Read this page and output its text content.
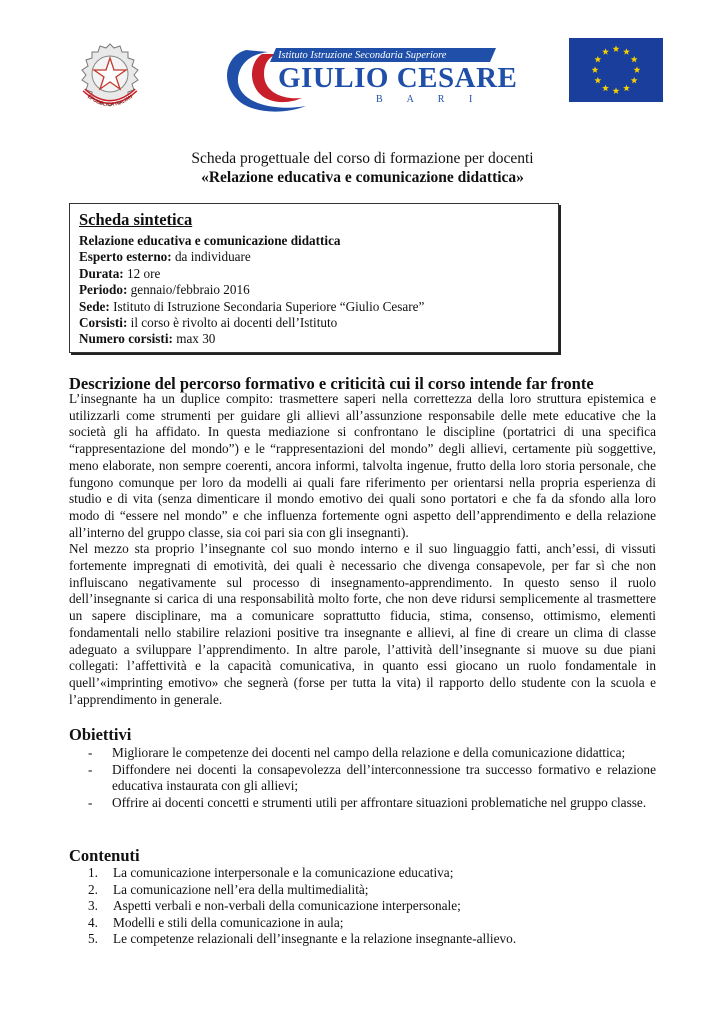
EPUBBLICA ITALIAN
Istituto Istruzione Secondaria Superiore
GIULIO CESARE
B A R I
Scheda progettuale del corso di formazione per docenti
«Relazione educativa e comunicazione didattica»
Scheda sintetica
Relazione educativa e comunicazione didattica
Esperto esterno: da individuare
Durata: 12 ore
Periodo: gennaio/febbraio 2016
Sede: Istituto di Istruzione Secondaria Superiore “Giulio Cesare”
Corsisti: il corso è rivolto ai docenti dell’Istituto
Numero corsisti: max 30
Descrizione del percorso formativo e criticità cui il corso intende far fronte

L’insegnante ha un duplice compito: trasmettere saperi nella correttezza della loro struttura epistemica e utilizzarli come strumenti per guidare gli allievi all’assunzione responsabile delle mete educative che la società gli ha affidato. In questa mediazione si confrontano le discipline (portatrici di una specifica “rappresentazione del mondo”) e le “rappresentazioni del mondo” degli allievi, certamente più soggettive, meno elaborate, non sempre coerenti, ancora informi, talvolta ingenue, frutto della loro storia personale, che fungono comunque per loro da modelli ai quali fare riferimento per orientarsi nella propria esperienza di studio e di vita (senza dimenticare il mondo emotivo dei quali sono portatori e che fa da sfondo alla loro modo di “essere nel mondo” e che influenza fortemente ogni aspetto dell’apprendimento e della relazione all’interno del gruppo classe, sia coi pari sia con gli insegnanti).

Nel mezzo sta proprio l’insegnante col suo mondo interno e il suo linguaggio fatti, anch’essi, di vissuti fortemente impregnati di emotività, dei quali è necessario che divenga consapevole, per far sì che non influiscano negativamente sul processo di insegnamento-apprendimento. In questo senso il ruolo dell’insegnante si carica di una responsabilità molto forte, che non deve ridursi semplicemente al trasmettere un sapere disciplinare, ma a comunicare soprattutto fiducia, stima, consenso, ottimismo, elementi fondamentali nello stabilire relazioni positive tra insegnante e allievi, al fine di creare un clima di classe adeguato a sviluppare l’apprendimento. In altre parole, l’attività dell’insegnante si muove su due piani collegati: l’affettività e la capacità comunicativa, in quanto essi giocano un ruolo fondamentale in quell’«imprinting emotivo» che segnerà (forse per tutta la vita) il rapporto dello studente con la scuola e l’apprendimento in generale.

Obiettivi
- Migliorare le competenze dei docenti nel campo della relazione e della comunicazione didattica;
- Diffondere nei docenti la consapevolezza dell’interconnessione tra successo formativo e relazione educativa instaurata con gli allievi;
- Offrire ai docenti concetti e strumenti utili per affrontare situazioni problematiche nel gruppo classe.
Contenuti
1. La comunicazione interpersonale e la comunicazione educativa;
2. La comunicazione nell’era della multimedialità;
3. Aspetti verbali e non-verbali della comunicazione interpersonale;
4. Modelli e stili della comunicazione in aula;
5. Le competenze relazionali dell’insegnante e la relazione insegnante-allievo.
